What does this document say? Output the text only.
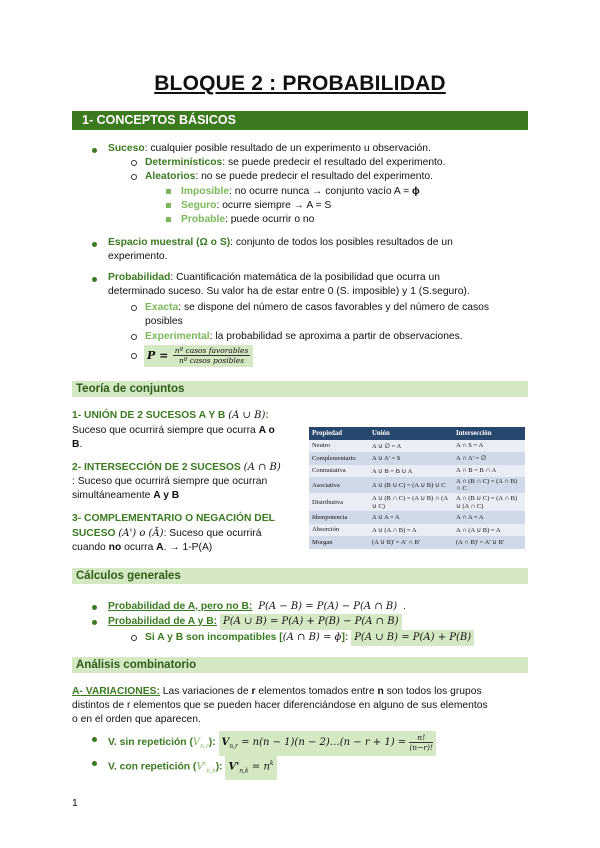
BLOQUE 2 : PROBABILIDAD
1- CONCEPTOS BÁSICOS
Suceso: cualquier posible resultado de un experimento u observación.
Determinísticos: se puede predecir el resultado del experimento.
Aleatorios: no se puede predecir el resultado del experimento.
Imposible: no ocurre nunca → conjunto vacío A = ɸ
Seguro: ocurre siempre → A = S
Probable: puede ocurrir o no
Espacio muestral (Ω o S): conjunto de todos los posibles resultados de un
experimento.
Probabilidad: Cuantificación matemática de la posibilidad que ocurra un
determinado suceso. Su valor ha de estar entre 0 (S. imposible) y 1 (S.seguro).
Exacta: se dispone del número de casos favorables y del número de casos
posibles
Experimental: la probabilidad se aproxima a partir de observaciones.
$P = \frac{\text{nº casos favorables}}{\text{nº casos posibles}}$
Teoría de conjuntos
1- UNIÓN DE 2 SUCESOS A Y B (A ∪ B):
Suceso que ocurrirá siempre que ocurra A o
B.
2- INTERSECCIÓN DE 2 SUCESOS (A ∩ B)
: Suceso que ocurrirá siempre que ocurran
simultáneamente A y B
3- COMPLEMENTARIO O NEGACIÓN DEL
SUCESO (A') o (Ā): Suceso que ocurrirá
cuando no ocurra A. → 1-P(A)
Propiedad	Unión	Intersección
Neutro	A ∪ ∅ = A	A ∩ S = A
Complementario	A ∪ A' = S	A ∩ A' = ∅
Conmutativa	A ∪ B = B ∪ A	A ∩ B = B ∩ A
Asociativa	A ∪ (B ∪ C) = (A ∪ B) ∪ C	A ∩ (B ∩ C) = (A ∩ B) ∩ C
Distributiva	A ∪ (B ∩ C) = (A ∪ B) ∩ (A ∪ C)	A ∩ (B ∪ C) = (A ∩ B) ∪ (A ∩ C)
Idempotencia	A ∪ A = A	A ∩ A = A
Absorción	A ∪ (A ∩ B) = A	A ∩ (A ∪ B) = A
Morgan	(A ∪ B)' = A' ∩ B'	(A ∩ B)' = A' ∪ B'
Cálculos generales
Probabilidad de A, pero no B: P(A − B) = P(A) − P(A ∩ B) .
Probabilidad de A y B: P(A ∪ B) = P(A) + P(B) − P(A ∩ B)
Si A y B son incompatibles [(A ∩ B) = ɸ]: P(A ∪ B) = P(A) + P(B)
Análisis combinatorio
A- VARIACIONES: Las variaciones de r elementos tomados entre n son todos los grupos
distintos de r elementos que se pueden hacer diferenciándose en alguno de sus elementos
o en el orden que aparecen.
V. sin repetición $(V_{n,r})$: $V_{n,r} = n(n - 1)(n$ − 2)…(n − $r + 1) = \frac{n!}{(n-r)!}$
V. con repetición $(V'_{n,k})$: $V'_{n,k} = n^k$
1
